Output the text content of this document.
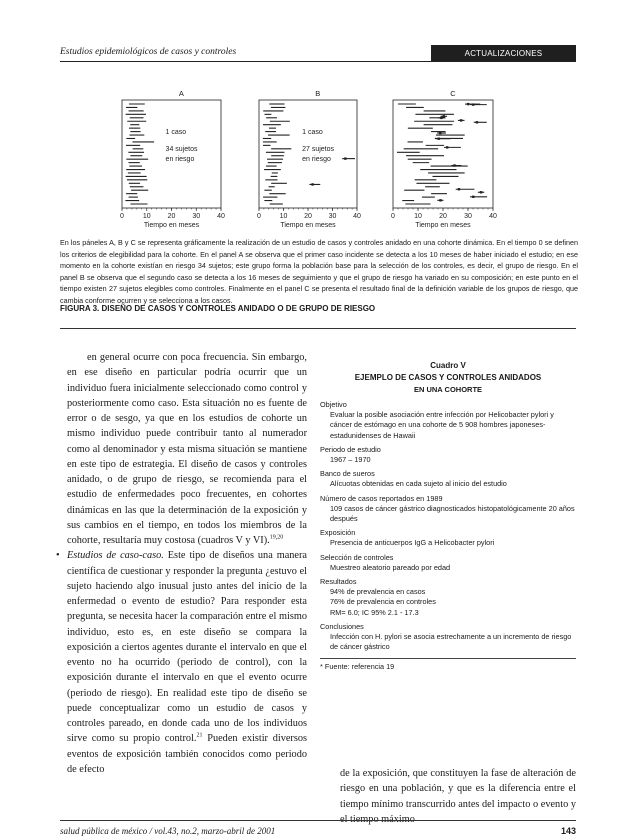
Estudios epidemiológicos de casos y controles	ACTUALIZACIONES
A
1 caso
34 sujetos
en riesgo
0	10 20 30 40
Tiempo en meses
B
1 caso
27 sujetos
en riesgo
0	10 20 30 40
Tiempo en meses
C
0	10 20 30 40
Tiempo en meses
En los páneles A, B y C se representa gráficamente la realización de un estudio de casos y controles anidado en una cohorte dinámica. En el tiempo 0 se definen los criterios de elegibilidad para la cohorte. En el panel A se observa que el primer caso incidente se detecta a los 10 meses de haber iniciado el estudio; en ese momento en la cohorte existían en riesgo 34 sujetos; este grupo forma la población base para la selección de los controles, es decir, el grupo de riesgo. En el panel B se observa que el segundo caso se detecta a los 16 meses de seguimiento y que el grupo de riesgo ha variado en su composición; en este punto en el tiempo existen 27 sujetos elegibles como controles. Finalmente en el panel C se presenta el resultado final de la definición variable de los grupos de riesgo, que cambia conforme ocurren y se selecciona a los casos.
FIGURA 3. DISEÑO DE CASOS Y CONTROLES ANIDADO O DE GRUPO DE RIESGO

en general ocurre con poca frecuencia. Sin embargo, en ese diseño en particular podría ocurrir que un individuo fuera inicialmente seleccionado como control y posteriormente como caso. Esta situación no es fuente de error o de sesgo, ya que en los estudios de cohorte un mismo individuo puede contribuir tanto al numerador como al denominador y esta misma situación se mantiene en este tipo de estrategia. El diseño de casos y controles anidado, o de grupo de riesgo, se recomienda para el estudio de enfermedades poco frecuentes, en cohortes dinámicas en las que la determinación de la exposición y sus cambios en el tiempo, en todos los miembros de la cohorte, resultaría muy costosa (cuadros V y VI).$^{19,20}$

• Estudios de caso-caso. Este tipo de diseños una manera científica de cuestionar y responder la pregunta ¿estuvo el sujeto haciendo algo inusual justo antes del inicio de la enfermedad o evento de estudio? Para responder esta pregunta, se necesita hacer la comparación entre el mismo individuo, esto es, en este diseño se compara la exposición a ciertos agentes durante el intervalo en que el evento no ha ocurrido (periodo de control), con la exposición durante el intervalo en que el evento ocurre (periodo de riesgo). En realidad este tipo de diseño se puede conceptualizar como un estudio de casos y controles pareado, en donde cada uno de los individuos sirve como su propio control.$^{21}$ Pueden existir diversos eventos de exposición también conocidos como periodo de efecto

Cuadro V
EJEMPLO DE CASOS Y CONTROLES ANIDADOS
EN UNA COHORTE
Objetivo
Evaluar la posible asociación entre infección por Helicobacter pylori y cáncer de estómago en una cohorte de 5 908 hombres japoneses-estadunidenses de Hawaii
Periodo de estudio
1967 – 1970
Banco de sueros
Alícuotas obtenidas en cada sujeto al inicio del estudio
Número de casos reportados en 1989
109 casos de cáncer gástrico diagnosticados histopatológicamente 20 años después
Exposición
Presencia de anticuerpos IgG a Helicobacter pylori
Selección de controles
Muestreo aleatorio pareado por edad
Resultados
94% de prevalencia en casos
76% de prevalencia en controles
RM= 6.0; IC 95% 2.1 - 17.3
Conclusiones
Infección con H. pylori se asocia estrechamente a un incremento de riesgo de cáncer gástrico
* Fuente: referencia 19
de la exposición, que constituyen la fase de alteración de riesgo en una población, y que es la diferencia entre el tiempo mínimo transcurrido antes del impacto o evento y
salud pública de méxico / vol.43, no.2, marzo-abril de 2001	143
